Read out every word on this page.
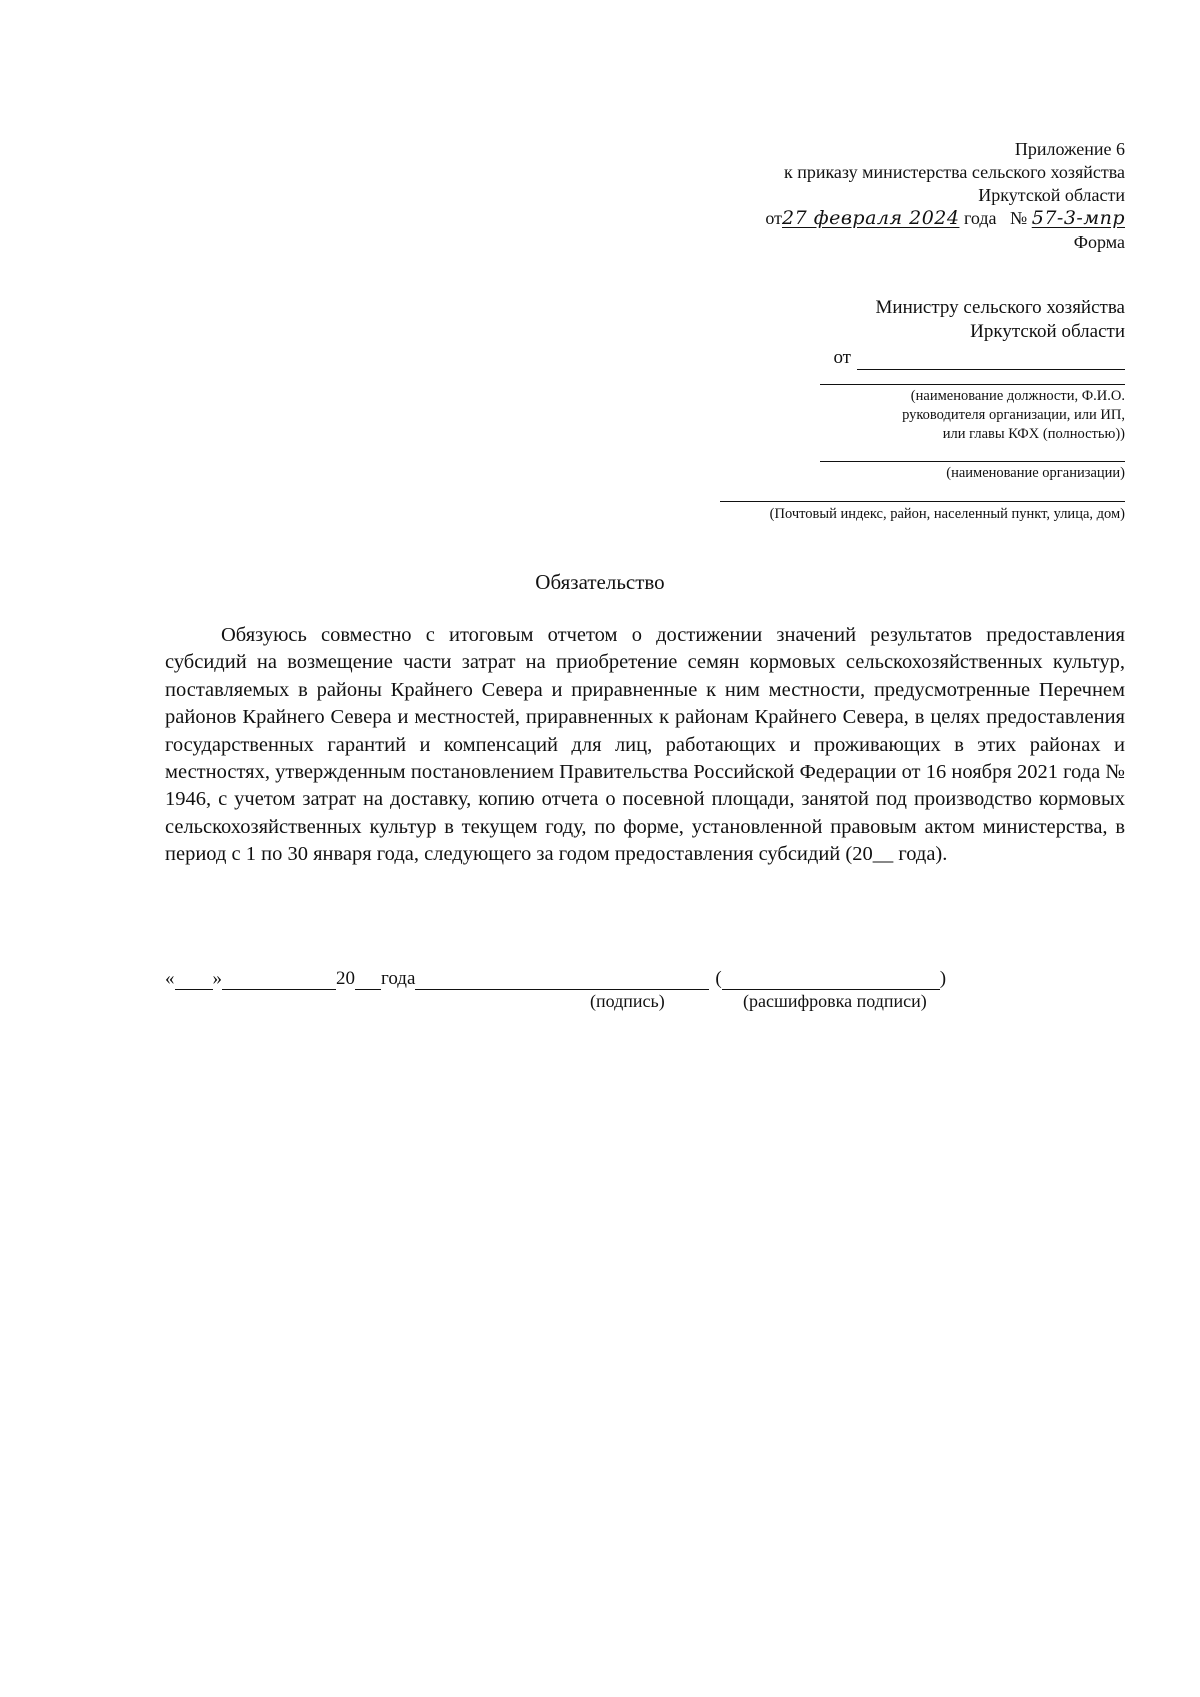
Приложение 6
к приказу министерства сельского хозяйства
Иркутской области
от27 февраля 2024 года № 57-3-мпр
Форма
Министру сельского хозяйства
Иркутской области
от
(наименование должности, Ф.И.О.
руководителя организации, или ИП,
или главы КФХ (полностью))
(наименование организации)
(Почтовый индекс, район, населенный пункт, улица, дом)
Обязательство
Обязуюсь совместно с итоговым отчетом о достижении значений результатов предоставления субсидий на возмещение части затрат на приобретение семян кормовых сельскохозяйственных культур, поставляемых в районы Крайнего Севера и приравненные к ним местности, предусмотренные Перечнем районов Крайнего Севера и местностей, приравненных к районам Крайнего Севера, в целях предоставления государственных гарантий и компенсаций для лиц, работающих и проживающих в этих районах и местностях, утвержденным постановлением Правительства Российской Федерации от 16 ноября 2021 года № 1946, с учетом затрат на доставку, копию отчета о посевной площади, занятой под производство кормовых сельскохозяйственных культур в текущем году, по форме, установленной правовым актом министерства, в период с 1 по 30 января года, следующего за годом предоставления субсидий (20__ года).
« »	20 года	(	)
(подпись)	(расшифровка подписи)
